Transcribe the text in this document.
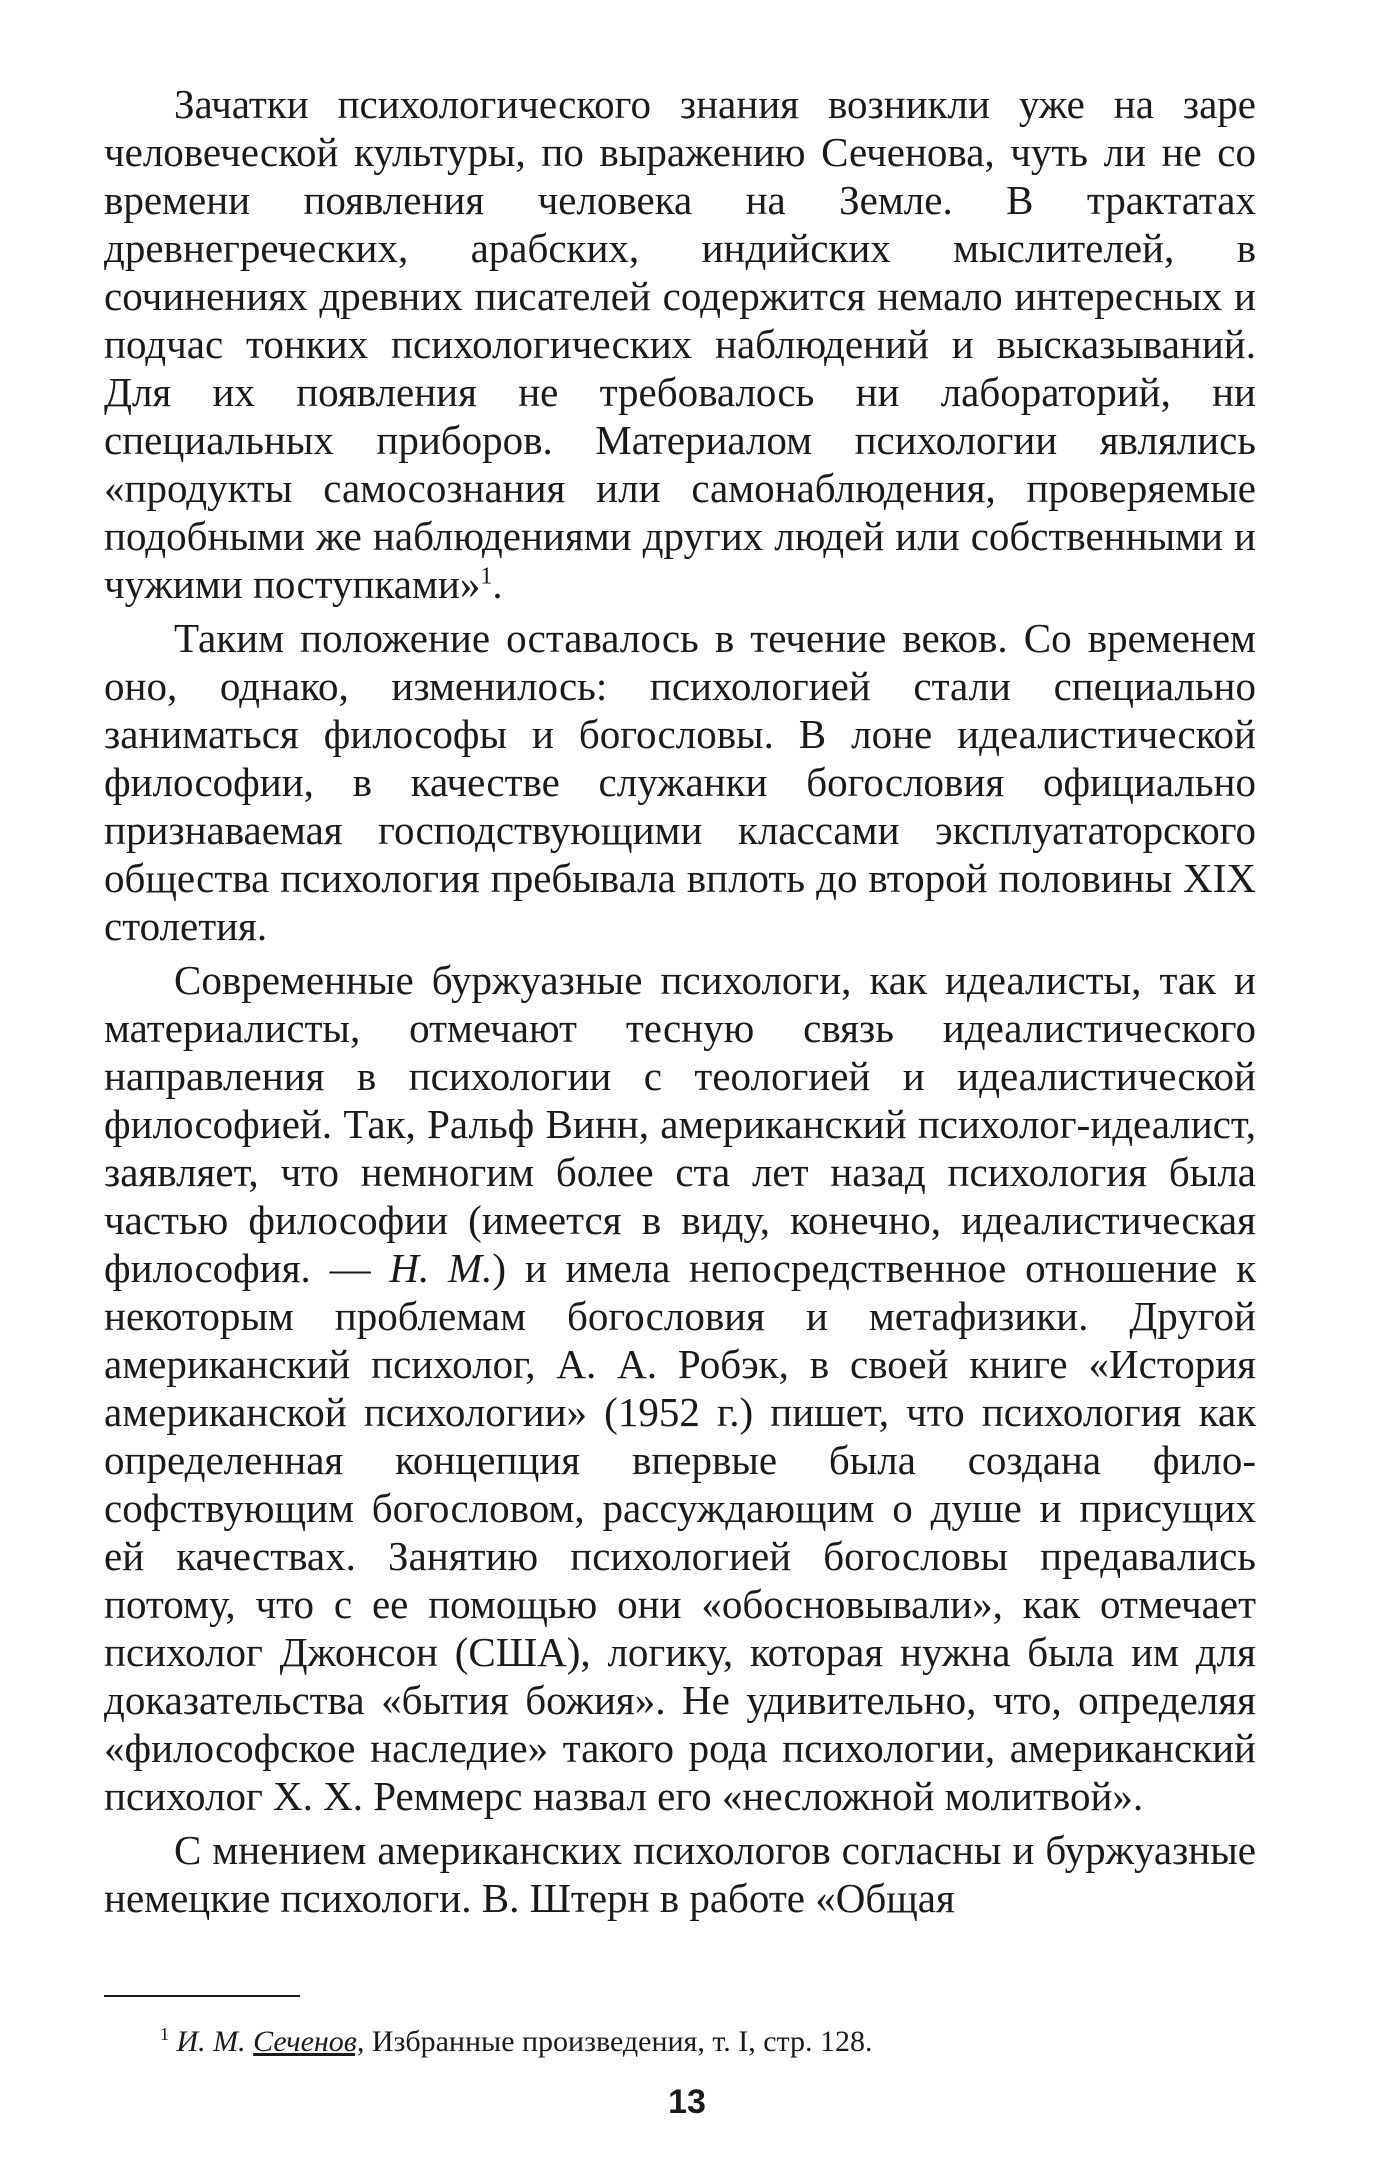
Зачатки психологического знания возникли уже на заре человеческой культуры, по выражению Сеченова, чуть ли не со времени появления человека на Земле. В трактатах древнегреческих, арабских, индийских мыслителей, в сочинениях древних писателей содержится немало интересных и подчас тонких психологических наблюдений и высказываний. Для их появления не требовалось ни лабораторий, ни специальных приборов. Материалом психологии являлись «продукты самосознания или самонаблюдения, проверяемые подобными же наблюдениями других людей или собственными и чужими поступками»$^1$.

Таким положение оставалось в течение веков. Со временем оно, однако, изменилось: психологией стали специально заниматься философы и богословы. В лоне идеалистической философии, в качестве служанки богословия официально признаваемая господствующими классами эксплуататорского общества психология пребывала вплоть до второй половины XIX столетия.

Современные буржуазные психологи, как идеалисты, так и материалисты, отмечают тесную связь идеалистического направления в психологии с теологией и идеалистической философией. Так, Ральф Винн, американский психолог-идеалист, заявляет, что немногим более ста лет назад психология была частью философии (имеется в виду, конечно, идеалистическая философия. — Н. М.) и имела непосредственное отношение к некоторым проблемам богословия и метафизики. Другой американский психолог, А. А. Робэк, в своей книге «История американской психологии» (1952 г.) пишет, что психология как определенная концепция впервые была создана философствующим богословом, рассуждающим о душе и присущих ей качествах. Занятию психологией богословы предавались потому, что с ее помощью они «обосновывали», как отмечает психолог Джонсон (США), логику, которая нужна была им для доказательства «бытия божия». Не удивительно, что, определяя «философское наследие» такого рода психологии, американский психолог Х. Х. Реммерс назвал его «несложной молитвой».

С мнением американских психологов согласны и буржуазные немецкие психологи. В. Штерн в работе «Общая

$^1$ И. М. Сеченов, Избранные произведения, т. I, стр. 128.
13
